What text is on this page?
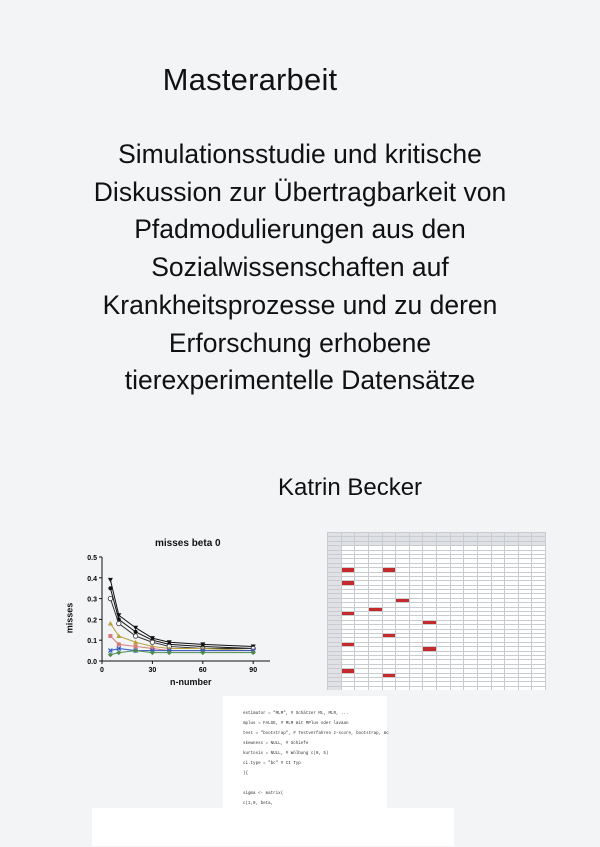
Masterarbeit
Simulationsstudie und kritische
Diskussion zur Übertragbarkeit von
Pfadmodulierungen aus den
Sozialwissenschaften auf
Krankheitsprozesse und zu deren
Erforschung erhobene
tierexperimentelle Datensätze
Katrin Becker
misses beta 0
misses
n-number
0.0
0.1
0.2
0.3
0.4
0.5
0	30	60	90

estimator = "MLM", # Schätzer ML, MLR, ...
mplus = FALSE, # MLM mit MPlus oder lavaan
test = "bootstrap", # Testverfahren z-score, bootstrap, mc
skewness = NULL, # Schiefe
kurtosis = NULL, # Wölbung c(0, 5)
ci.type = "bc" # CI Typ
){
sigma <- matrix(
c(1,0, beta,
